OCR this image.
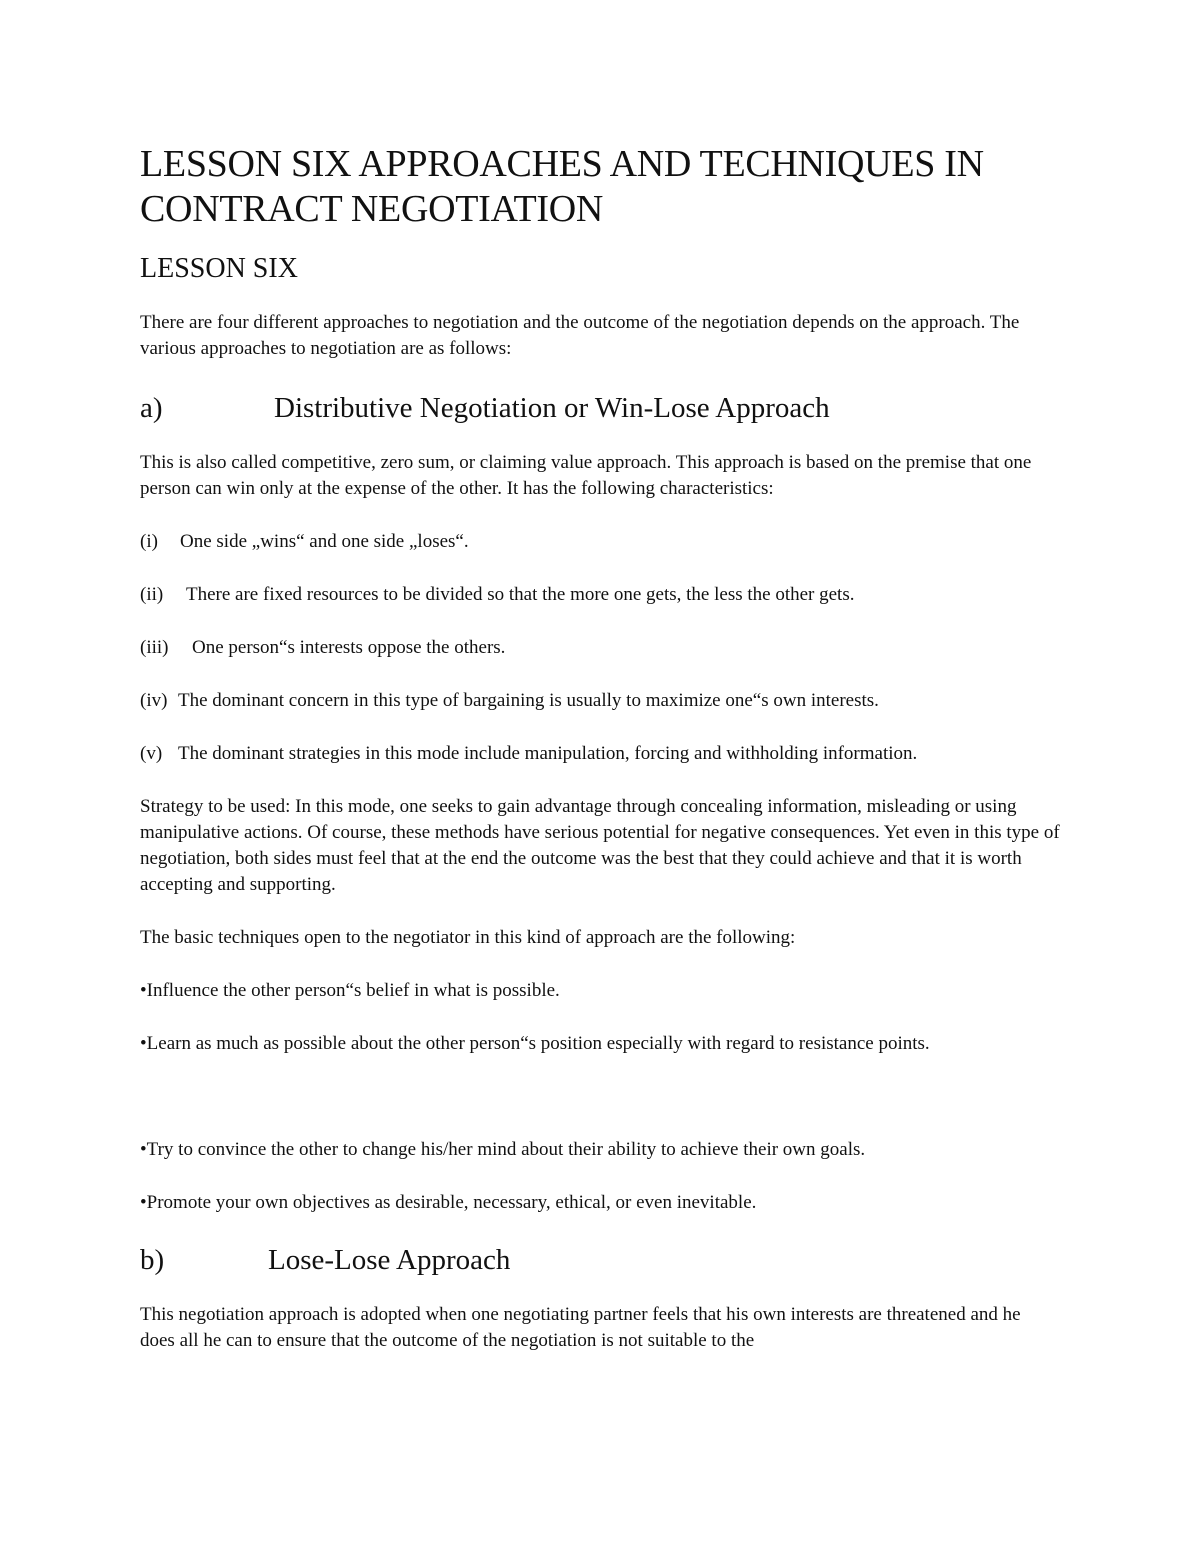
LESSON SIX APPROACHES AND TECHNIQUES IN CONTRACT NEGOTIATION
LESSON SIX

There are four different approaches to negotiation and the outcome of the negotiation depends on the approach. The various approaches to negotiation are as follows:

a)	Distributive Negotiation or Win-Lose Approach

This is also called competitive, zero sum, or claiming value approach. This approach is based on the premise that one person can win only at the expense of the other. It has the following characteristics:

(i) One side „wins“ and one side „loses“.
(ii) There are fixed resources to be divided so that the more one gets, the less the other gets.
(iii) One person“s interests oppose the others.
(iv) The dominant concern in this type of bargaining is usually to maximize one“s own interests.
(v) The dominant strategies in this mode include manipulation, forcing and withholding information.

Strategy to be used: In this mode, one seeks to gain advantage through concealing information, misleading or using manipulative actions. Of course, these methods have serious potential for negative consequences. Yet even in this type of negotiation, both sides must feel that at the end the outcome was the best that they could achieve and that it is worth accepting and supporting.

The basic techniques open to the negotiator in this kind of approach are the following:

•Influence the other person“s belief in what is possible.

•Learn as much as possible about the other person“s position especially with regard to resistance points.

•Try to convince the other to change his/her mind about their ability to achieve their own goals.

•Promote your own objectives as desirable, necessary, ethical, or even inevitable.

b)	Lose-Lose Approach

This negotiation approach is adopted when one negotiating partner feels that his own interests are threatened and he does all he can to ensure that the outcome of the negotiation is not suitable to the
